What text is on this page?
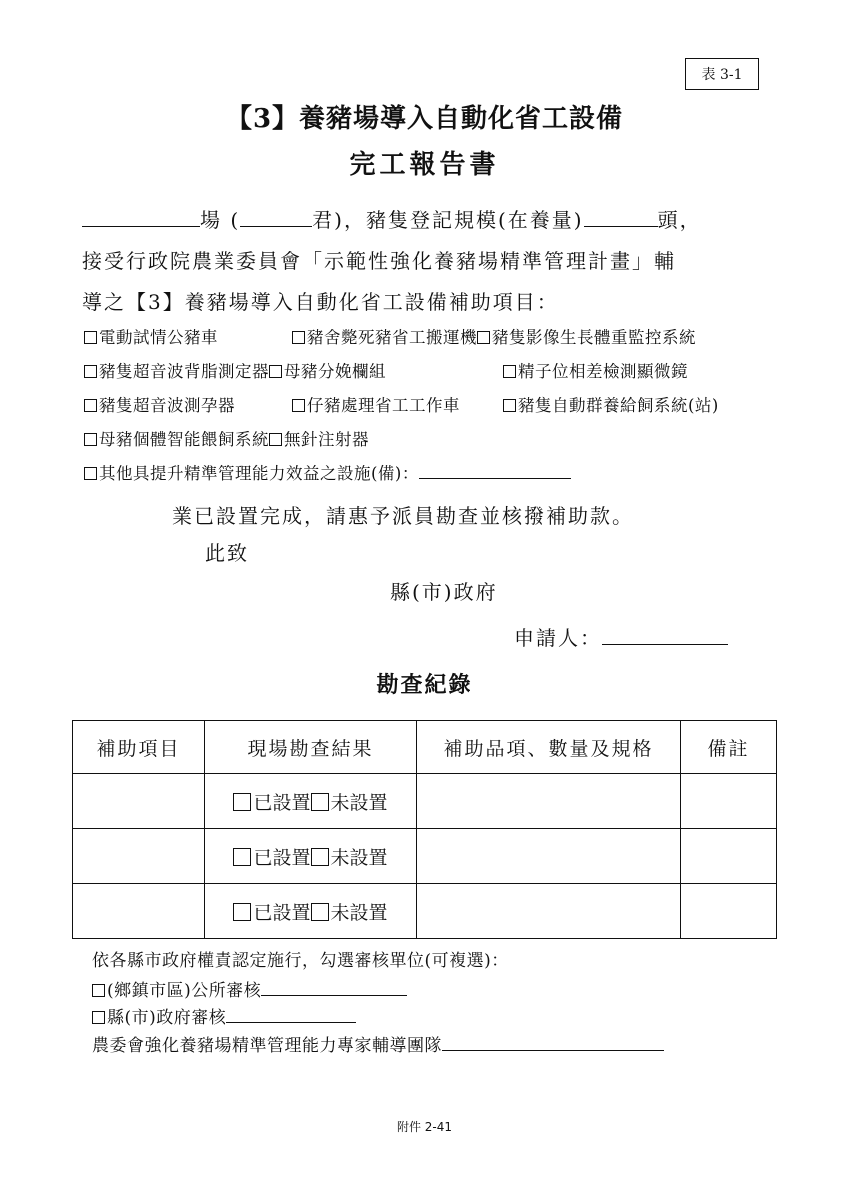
表 3-1
【3】養豬場導入自動化省工設備
完工報告書
場 (	君)，豬隻登記規模(在養量)	頭，
接受行政院農業委員會「示範性強化養豬場精準管理計畫」輔
導之【3】養豬場導入自動化省工設備補助項目：
電動試情公豬車	豬舍斃死豬省工搬運機 豬隻影像生長體重監控系統
豬隻超音波背脂測定器 母豬分娩欄組	精子位相差檢測顯微鏡
豬隻超音波測孕器	仔豬處理省工工作車	豬隻自動群養給飼系統(站)
母豬個體智能餵飼系統 無針注射器
其他具提升精準管理能力效益之設施(備)：
業已設置完成，請惠予派員勘查並核撥補助款。
此致
縣(市)政府
申請人：
勘查紀錄
補助項目	現場勘查結果	補助品項、數量及規格	備註
	已設置 未設置		
	已設置 未設置		
	已設置 未設置		
依各縣市政府權責認定施行，勾選審核單位(可複選)：
(鄉鎮市區)公所審核
縣(市)政府審核
農委會強化養豬場精準管理能力專家輔導團隊
附件 2-41
